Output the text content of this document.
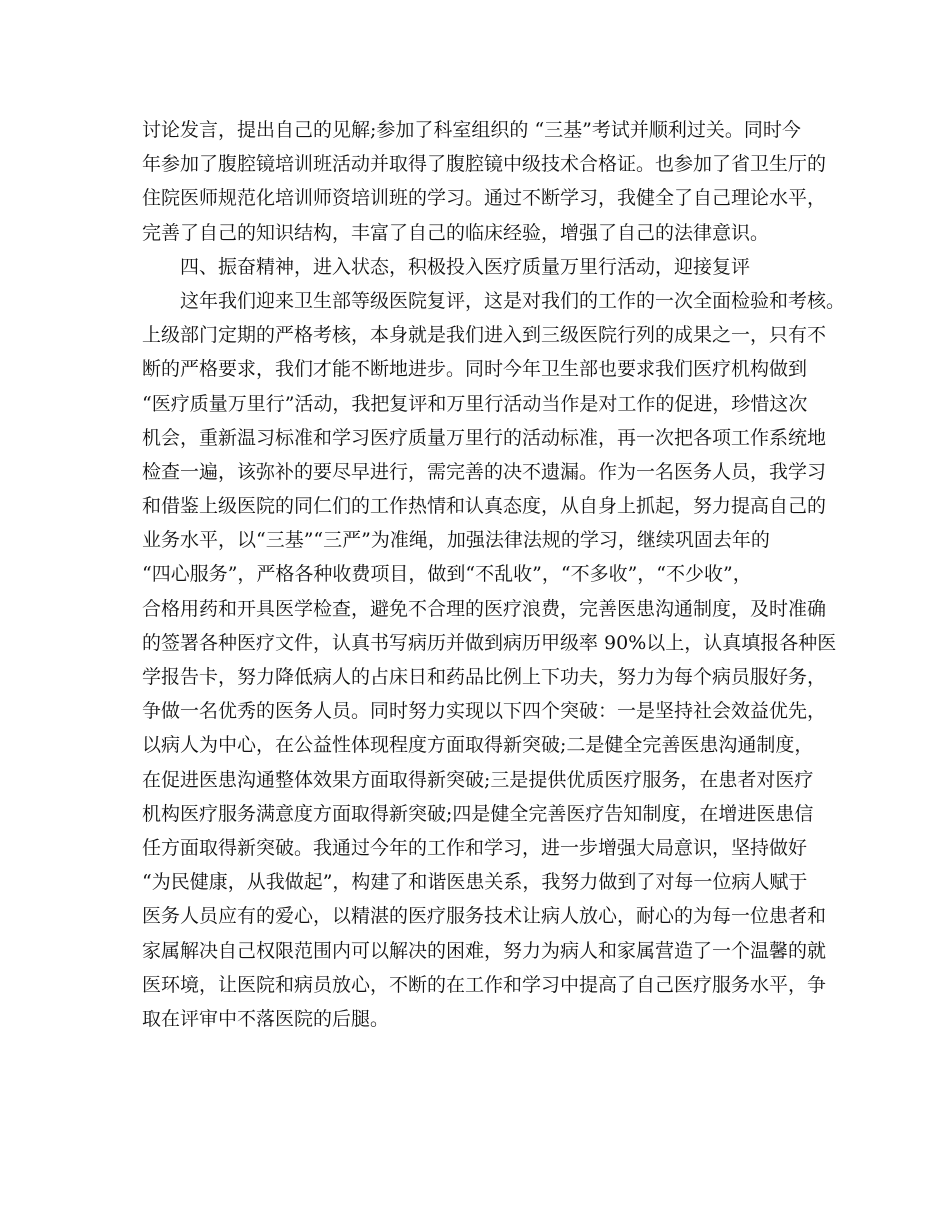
讨论发言，提出自己的见解;参加了科室组织的 “三基”考试并顺利过关。同时今
年参加了腹腔镜培训班活动并取得了腹腔镜中级技术合格证。也参加了省卫生厅的
住院医师规范化培训师资培训班的学习。通过不断学习，我健全了自己理论水平，
完善了自己的知识结构，丰富了自己的临床经验，增强了自己的法律意识。
四、振奋精神，进入状态，积极投入医疗质量万里行活动，迎接复评
这年我们迎来卫生部等级医院复评，这是对我们的工作的一次全面检验和考核。
上级部门定期的严格考核，本身就是我们进入到三级医院行列的成果之一，只有不
断的严格要求，我们才能不断地进步。同时今年卫生部也要求我们医疗机构做到
“医疗质量万里行”活动，我把复评和万里行活动当作是对工作的促进，珍惜这次
机会，重新温习标准和学习医疗质量万里行的活动标准，再一次把各项工作系统地
检查一遍，该弥补的要尽早进行，需完善的决不遗漏。作为一名医务人员，我学习
和借鉴上级医院的同仁们的工作热情和认真态度，从自身上抓起，努力提高自己的
业务水平，以“三基”“三严”为准绳，加强法律法规的学习，继续巩固去年的
“四心服务”，严格各种收费项目，做到“不乱收”，“不多收”，“不少收”，
合格用药和开具医学检查，避免不合理的医疗浪费，完善医患沟通制度，及时准确
的签署各种医疗文件，认真书写病历并做到病历甲级率 90%以上，认真填报各种医
学报告卡，努力降低病人的占床日和药品比例上下功夫，努力为每个病员服好务，
争做一名优秀的医务人员。同时努力实现以下四个突破：一是坚持社会效益优先，
以病人为中心，在公益性体现程度方面取得新突破;二是健全完善医患沟通制度，
在促进医患沟通整体效果方面取得新突破;三是提供优质医疗服务，在患者对医疗
机构医疗服务满意度方面取得新突破;四是健全完善医疗告知制度，在增进医患信
任方面取得新突破。我通过今年的工作和学习，进一步增强大局意识，坚持做好
“为民健康，从我做起”，构建了和谐医患关系，我努力做到了对每一位病人赋于
医务人员应有的爱心，以精湛的医疗服务技术让病人放心，耐心的为每一位患者和
家属解决自己权限范围内可以解决的困难，努力为病人和家属营造了一个温馨的就
医环境，让医院和病员放心，不断的在工作和学习中提高了自己医疗服务水平，争
取在评审中不落医院的后腿。
